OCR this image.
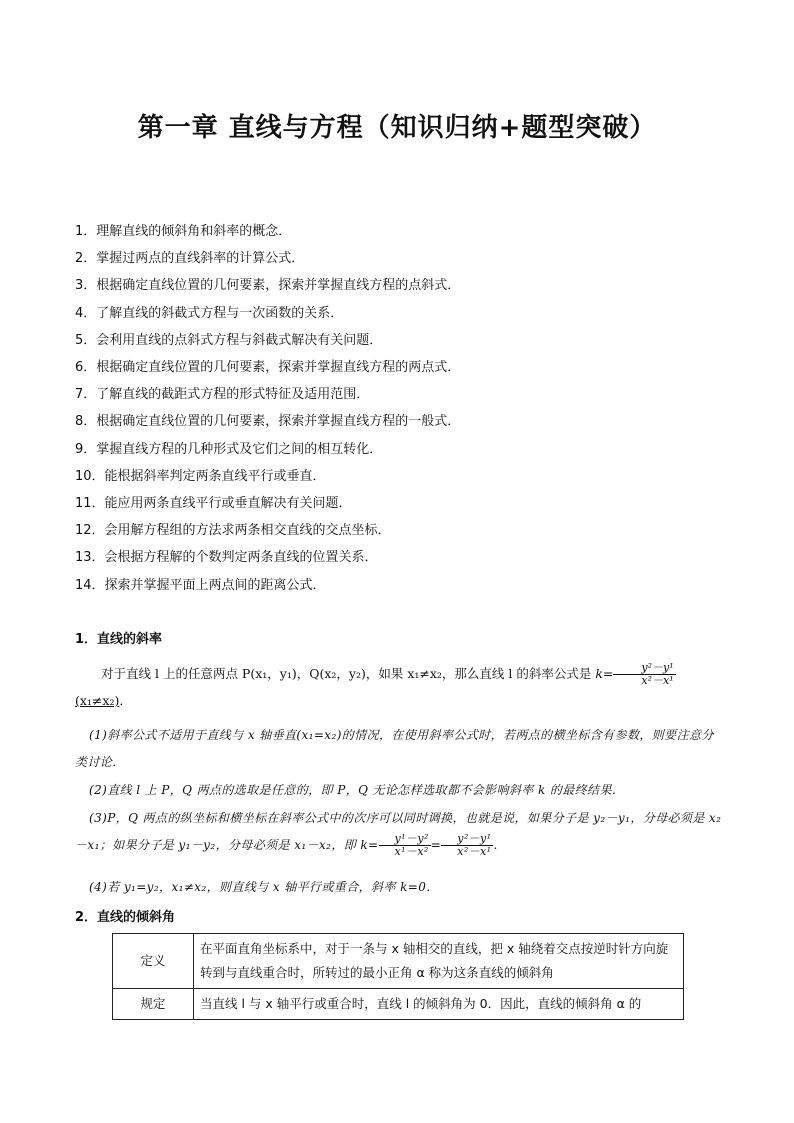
第一章 直线与方程（知识归纳+题型突破）
1．理解直线的倾斜角和斜率的概念．
2．掌握过两点的直线斜率的计算公式．
3．根据确定直线位置的几何要素，探索并掌握直线方程的点斜式．
4．了解直线的斜截式方程与一次函数的关系．
5．会利用直线的点斜式方程与斜截式解决有关问题．
6．根据确定直线位置的几何要素，探索并掌握直线方程的两点式．
7．了解直线的截距式方程的形式特征及适用范围．
8．根据确定直线位置的几何要素，探索并掌握直线方程的一般式．
9．掌握直线方程的几种形式及它们之间的相互转化．
10．能根据斜率判定两条直线平行或垂直．
11．能应用两条直线平行或垂直解决有关问题．
12．会用解方程组的方法求两条相交直线的交点坐标．
13．会根据方程解的个数判定两条直线的位置关系．
14．探索并掌握平面上两点间的距离公式．
1．直线的斜率
对于直线 l 上的任意两点 P(x₁，y₁)，Q(x₂，y₂)，如果 x₁≠x₂，那么直线 l 的斜率公式是 $k= \frac{\text{y²－y¹}}{\text{x²－x¹}}$
(x₁≠x₂)．
(1)斜率公式不适用于直线与 x 轴垂直(x₁=x₂)的情况，在使用斜率公式时，若两点的横坐标含有参数，则要注意分类讨论．
(2)直线 l 上 P，Q 两点的选取是任意的，即 P，Q 无论怎样选取都不会影响斜率 k 的最终结果．
(3)P，Q 两点的纵坐标和横坐标在斜率公式中的次序可以同时调换，也就是说，如果分子是 y₂－y₁，分母必须是 x₂－x₁；如果分子是 y₁－y₂，分母必须是 x₁－x₂，即 $k= \frac{\text{y¹－y²}}{\text{x¹－x²}} = \frac{\text{y²－y¹}}{\text{x²－x¹}}$ .
(4)若 y₁=y₂，x₁≠x₂，则直线与 x 轴平行或重合，斜率 k=0．
2．直线的倾斜角
定义	在平面直角坐标系中，对于一条与 x 轴相交的直线，把 x 轴绕着交点按逆时针方向旋转到与直线重合时，所转过的最小正角 α 称为这条直线的倾斜角
规定	当直线 l 与 x 轴平行或重合时，直线 l 的倾斜角为 0．因此，直线的倾斜角 α 的
